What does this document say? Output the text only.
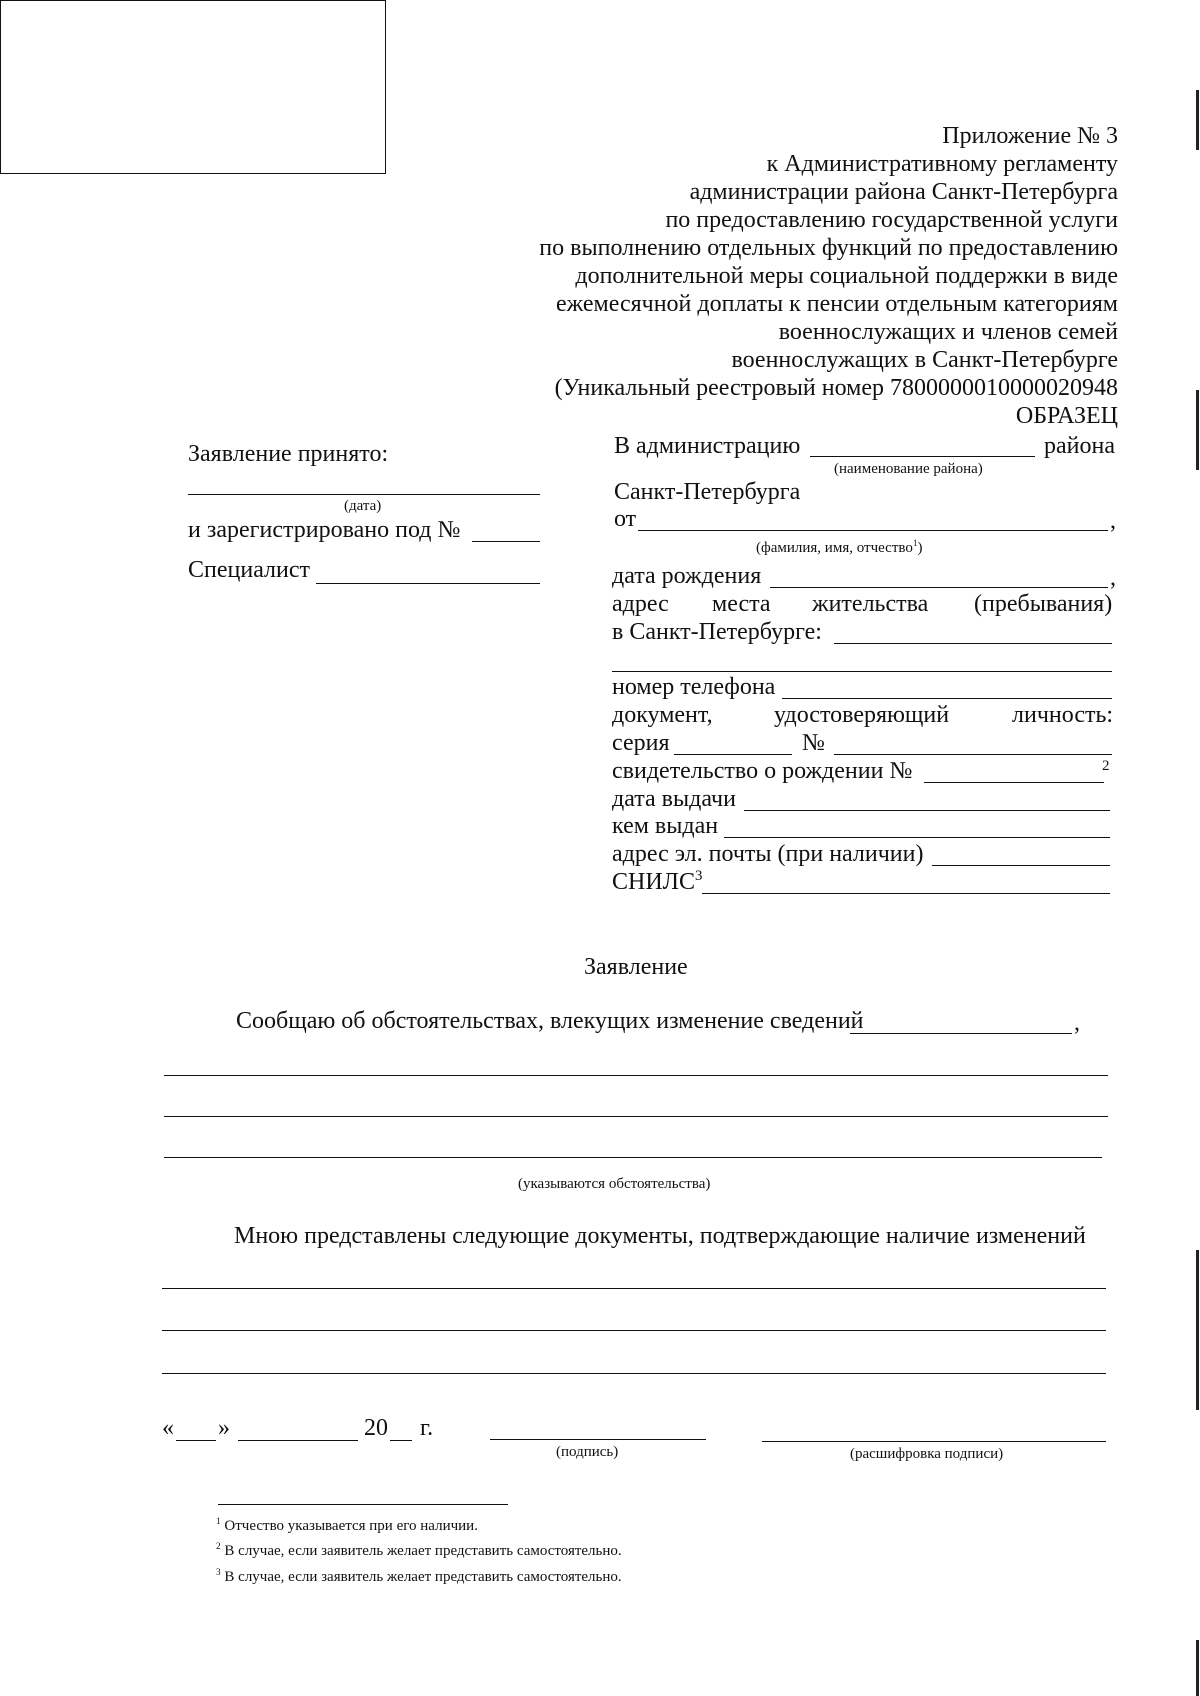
Приложение № 3
к Административному регламенту
администрации района Санкт-Петербурга
по предоставлению государственной услуги
по выполнению отдельных функций по предоставлению
дополнительной меры социальной поддержки в виде
ежемесячной доплаты к пенсии отдельным категориям
военнослужащих и членов семей
военнослужащих в Санкт-Петербурге
(Уникальный реестровый номер 7800000010000020948
ОБРАЗЕЦ
Заявление принято:
(дата)
и зарегистрировано под №
Специалист
В администрацию	района
(наименование района)
Санкт-Петербурга
от	,
(фамилия, имя, отчество$^1$)
дата рождения	,
адрес места жительства (пребывания)
в Санкт-Петербурге:
номер телефона
документ,	удостоверяющий	личность:
серия	№
свидетельство о рождении №	2
дата выдачи
кем выдан
адрес эл. почты (при наличии)
СНИЛС$^3$
Заявление
Сообщаю об обстоятельствах, влекущих изменение сведений	,
(указываются обстоятельства)
Мною представлены следующие документы, подтверждающие наличие изменений
« »	20 г.
(подпись)	(расшифровка подписи)
$^1$ Отчество указывается при его наличии.
$^2$ В случае, если заявитель желает представить самостоятельно.
$^3$ В случае, если заявитель желает представить самостоятельно.
